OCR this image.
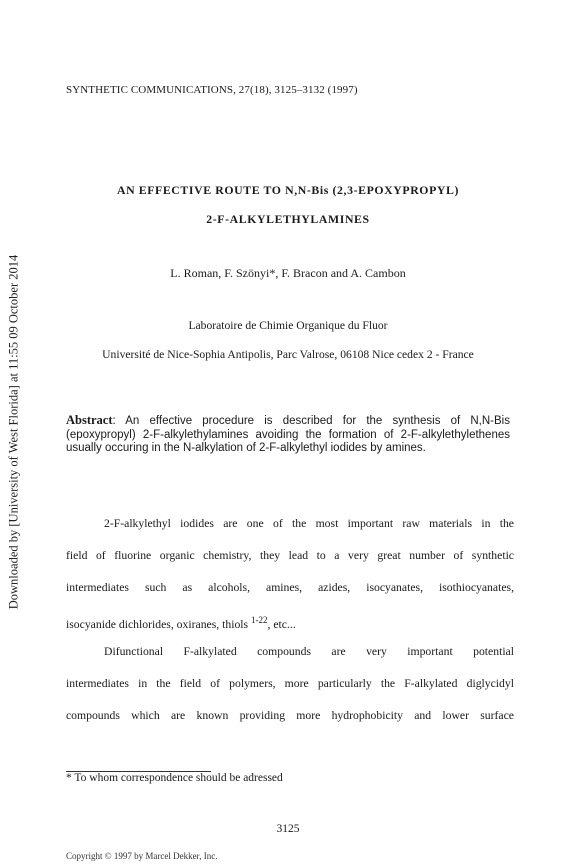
Downloaded by [University of West Florida] at 11:55 09 October 2014
SYNTHETIC COMMUNICATIONS, 27(18), 3125–3132 (1997)
AN EFFECTIVE ROUTE TO N,N-Bis (2,3-EPOXYPROPYL)
2-F-ALKYLETHYLAMINES
L. Roman, F. Szönyi*, F. Bracon and A. Cambon
Laboratoire de Chimie Organique du Fluor
Université de Nice-Sophia Antipolis, Parc Valrose, 06108 Nice cedex 2 - France
Abstract: An effective procedure is described for the synthesis of N,N-Bis (epoxypropyl) 2-F-alkylethylamines avoiding the formation of 2-F-alkylethylethenes usually occuring in the N-alkylation of 2-F-alkylethyl iodides by amines.
2-F-alkylethyl iodides are one of the most important raw materials in the
field of fluorine organic chemistry, they lead to a very great number of synthetic
intermediates such as alcohols, amines, azides, isocyanates, isothiocyanates,
isocyanide dichlorides, oxiranes, thiols $^{1-22}$, etc...
Difunctional F-alkylated compounds are very important potential
intermediates in the field of polymers, more particularly the F-alkylated diglycidyl
compounds which are known providing more hydrophobicity and lower surface
* To whom correspondence should be adressed
3125
Copyright © 1997 by Marcel Dekker, Inc.
